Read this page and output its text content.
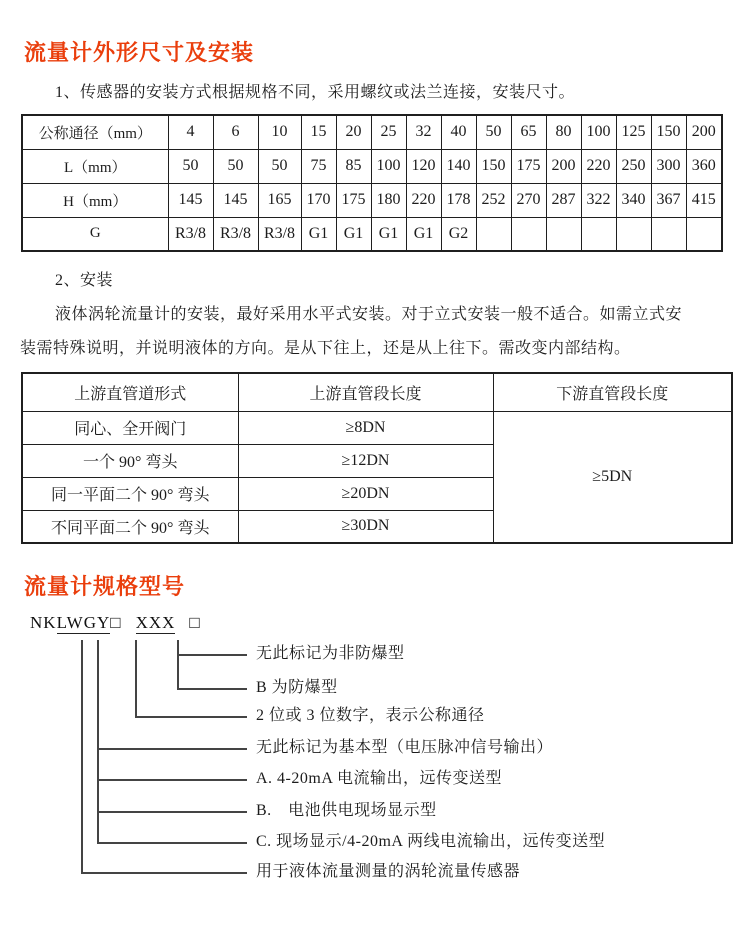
流量计外形尺寸及安装
1、传感器的安装方式根据规格不同，采用螺纹或法兰连接，安装尺寸。
公称通径（mm）	4	6	10	15	20	25	32	40	50	65	80	100	125	150	200
L（mm）	50	50	50	75	85	100	120	140	150	175	200	220	250	300	360
H（mm）	145	145	165	170	175	180	220	178	252	270	287	322	340	367	415
G	R3/8	R3/8	R3/8	G1	G1	G1	G1	G2							
2、安装
液体涡轮流量计的安装，最好采用水平式安装。对于立式安装一般不适合。如需立式安
装需特殊说明，并说明液体的方向。是从下往上，还是从上往下。需改变内部结构。
上游直管道形式	上游直管段长度	下游直管段长度
同心、全开阀门	≥8DN	≥5DN
一个 90° 弯头	≥12DN	
同一平面二个 90° 弯头	≥20DN	
不同平面二个 90° 弯头	≥30DN	
流量计规格型号
NKLWGY□ XXX □
无此标记为非防爆型
B 为防爆型
2 位或 3 位数字，表示公称通径
无此标记为基本型（电压脉冲信号输出）
A. 4-20mA 电流输出，远传变送型
B.　电池供电现场显示型
C. 现场显示/4-20mA 两线电流输出，远传变送型
用于液体流量测量的涡轮流量传感器
